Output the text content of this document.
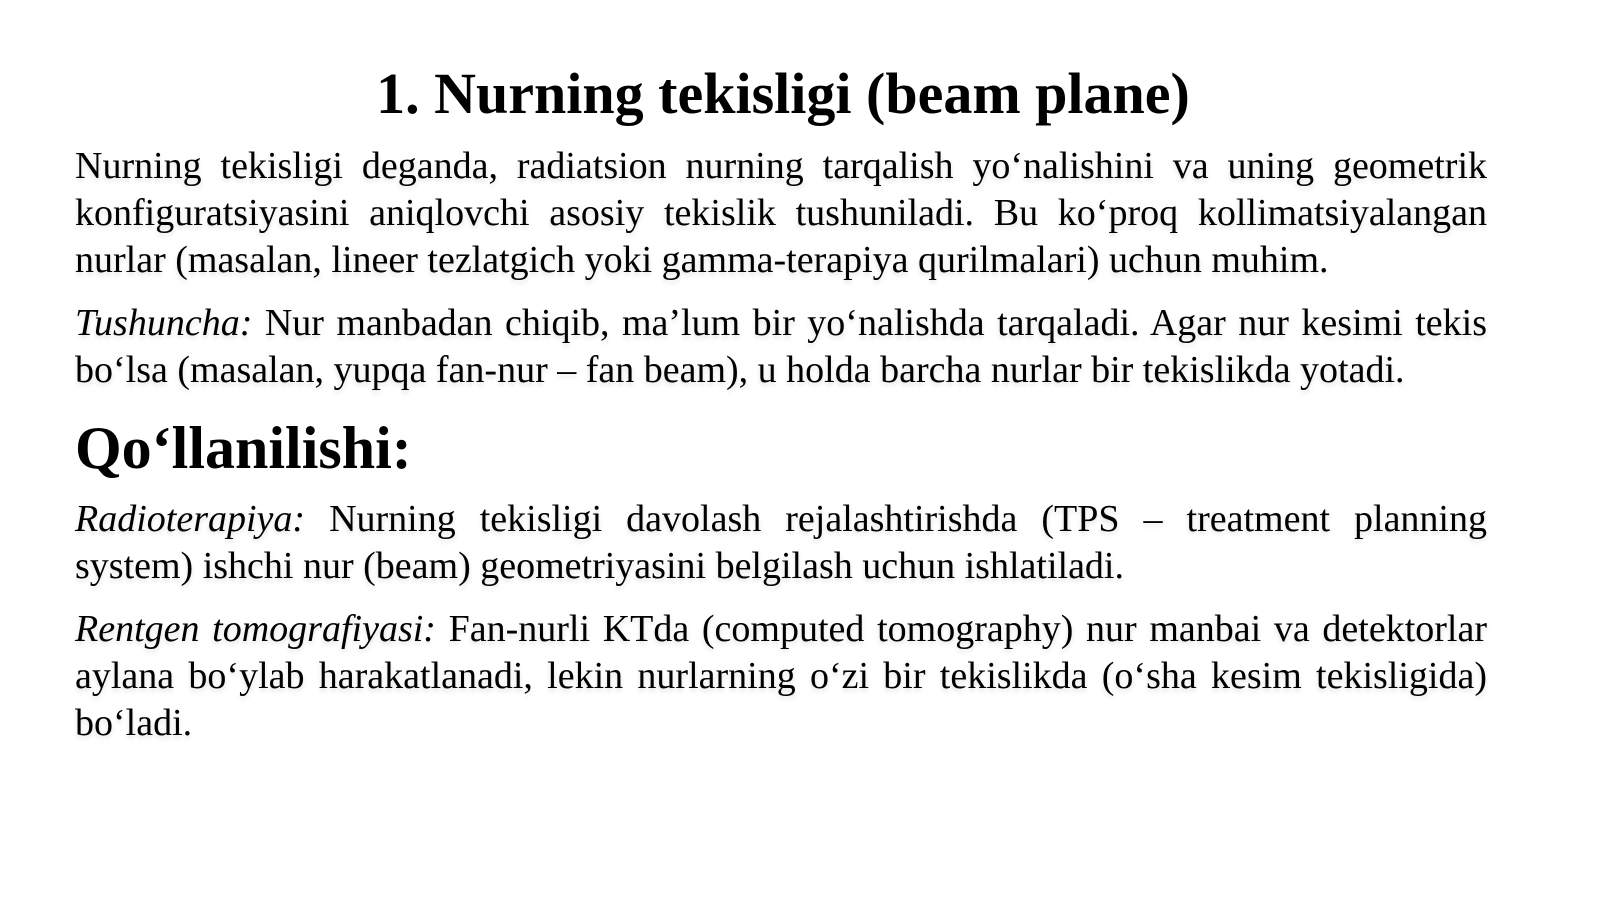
1. Nurning tekisligi (beam plane)

Nurning tekisligi deganda, radiatsion nurning tarqalish yo‘nalishini va uning geometrik konfiguratsiyasini aniqlovchi asosiy tekislik tushuniladi. Bu ko‘proq kollimatsiyalangan nurlar (masalan, lineer tezlatgich yoki gamma-terapiya qurilmalari) uchun muhim.

Tushuncha: Nur manbadan chiqib, ma’lum bir yo‘nalishda tarqaladi. Agar nur kesimi tekis bo‘lsa (masalan, yupqa fan-nur – fan beam), u holda barcha nurlar bir tekislikda yotadi.

Qo‘llanilishi:

Radioterapiya: Nurning tekisligi davolash rejalashtirishda (TPS – treatment planning system) ishchi nur (beam) geometriyasini belgilash uchun ishlatiladi.

Rentgen tomografiyasi: Fan-nurli KTda (computed tomography) nur manbai va detektorlar aylana bo‘ylab harakatlanadi, lekin nurlarning o‘zi bir tekislikda (o‘sha kesim tekisligida) bo‘ladi.
